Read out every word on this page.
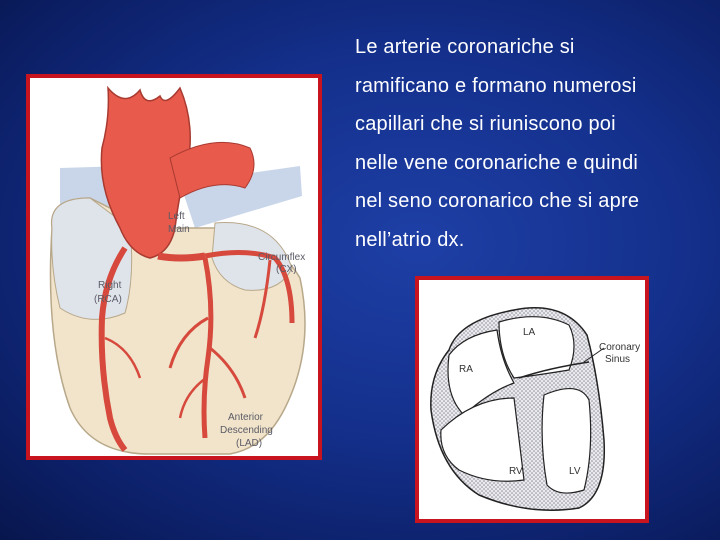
Le arterie coronariche si
ramificano e formano numerosi
capillari che si riuniscono poi
nelle vene coronariche e quindi
nel seno coronarico che si apre
nell’atrio dx.
Left
Main
Circumflex
(CX)
Right
(RCA)
Anterior
Descending
(LAD)
LA
RA
RV	LV
Coronary
Sinus
